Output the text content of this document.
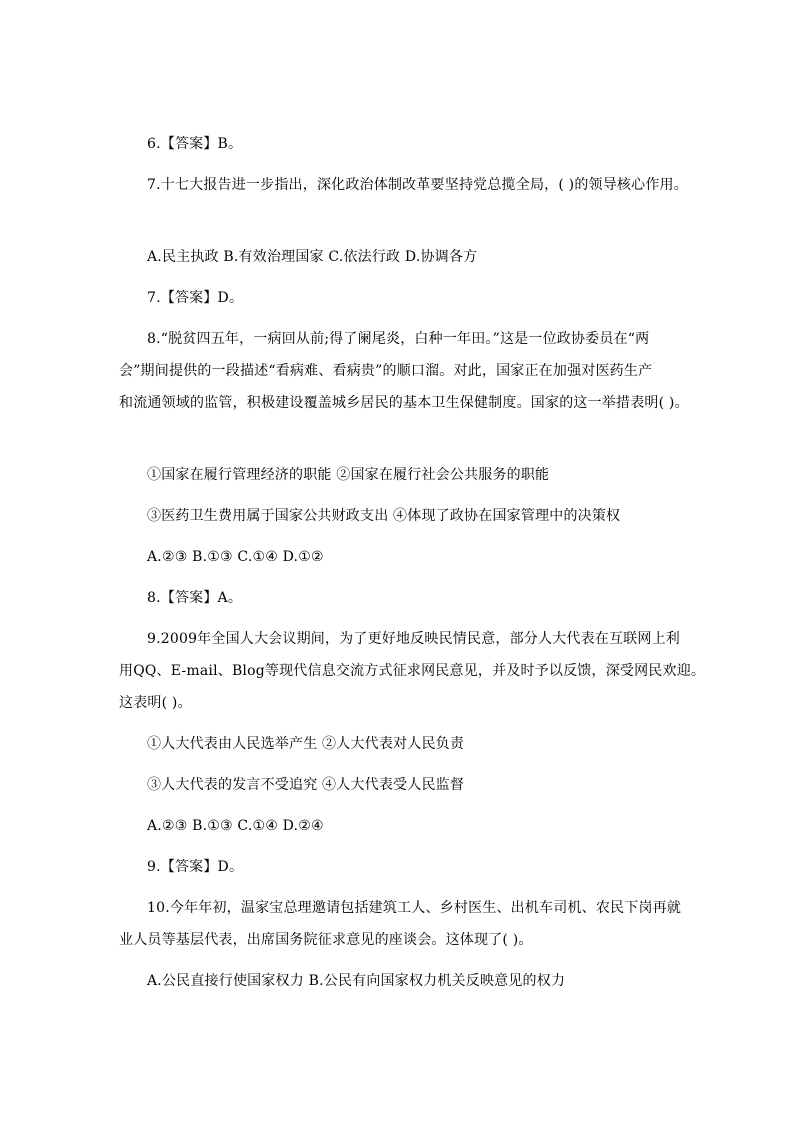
6.【答案】B。
7.十七大报告进一步指出，深化政治体制改革要坚持党总揽全局，( )的领导核心作用。
A.民主执政 B.有效治理国家 C.依法行政 D.协调各方
7.【答案】D。
8.“脱贫四五年，一病回从前;得了阑尾炎，白种一年田。”这是一位政协委员在“两
会”期间提供的一段描述“看病难、看病贵”的顺口溜。对此，国家正在加强对医药生产
和流通领域的监管，积极建设覆盖城乡居民的基本卫生保健制度。国家的这一举措表明( )。
①国家在履行管理经济的职能 ②国家在履行社会公共服务的职能
③医药卫生费用属于国家公共财政支出 ④体现了政协在国家管理中的决策权
A.②③ B.①③ C.①④ D.①②
8.【答案】A。
9.2009年全国人大会议期间，为了更好地反映民情民意，部分人大代表在互联网上利
用QQ、E-mail、Blog等现代信息交流方式征求网民意见，并及时予以反馈，深受网民欢迎。
这表明( )。
①人大代表由人民选举产生 ②人大代表对人民负责
③人大代表的发言不受追究 ④人大代表受人民监督
A.②③ B.①③ C.①④ D.②④
9.【答案】D。
10.今年年初，温家宝总理邀请包括建筑工人、乡村医生、出机车司机、农民下岗再就
业人员等基层代表，出席国务院征求意见的座谈会。这体现了( )。
A.公民直接行使国家权力 B.公民有向国家权力机关反映意见的权力
